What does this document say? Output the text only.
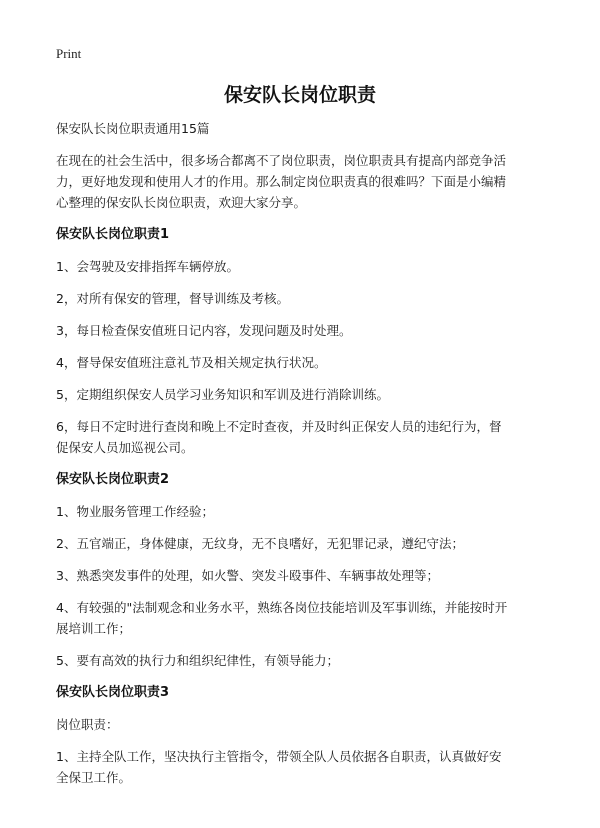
Print
保安队长岗位职责

保安队长岗位职责通用15篇

在现在的社会生活中，很多场合都离不了岗位职责，岗位职责具有提高内部竞争活

力，更好地发现和使用人才的作用。那么制定岗位职责真的很难吗？下面是小编精

心整理的保安队长岗位职责，欢迎大家分享。

保安队长岗位职责1

1、会驾驶及安排指挥车辆停放。

2，对所有保安的管理，督导训练及考核。

3，每日检查保安值班日记内容，发现问题及时处理。

4，督导保安值班注意礼节及相关规定执行状况。

5，定期组织保安人员学习业务知识和军训及进行消除训练。

6，每日不定时进行查岗和晚上不定时查夜，并及时纠正保安人员的违纪行为，督

促保安人员加巡视公司。

保安队长岗位职责2

1、物业服务管理工作经验；

2、五官端正，身体健康，无纹身，无不良嗜好，无犯罪记录，遵纪守法；

3、熟悉突发事件的处理，如火警、突发斗殴事件、车辆事故处理等；

4、有较强的"法制观念和业务水平，熟练各岗位技能培训及军事训练，并能按时开

展培训工作；

5、要有高效的执行力和组织纪律性，有领导能力；

保安队长岗位职责3

岗位职责：

1、主持全队工作，坚决执行主管指令，带领全队人员依据各自职责，认真做好安

全保卫工作。
